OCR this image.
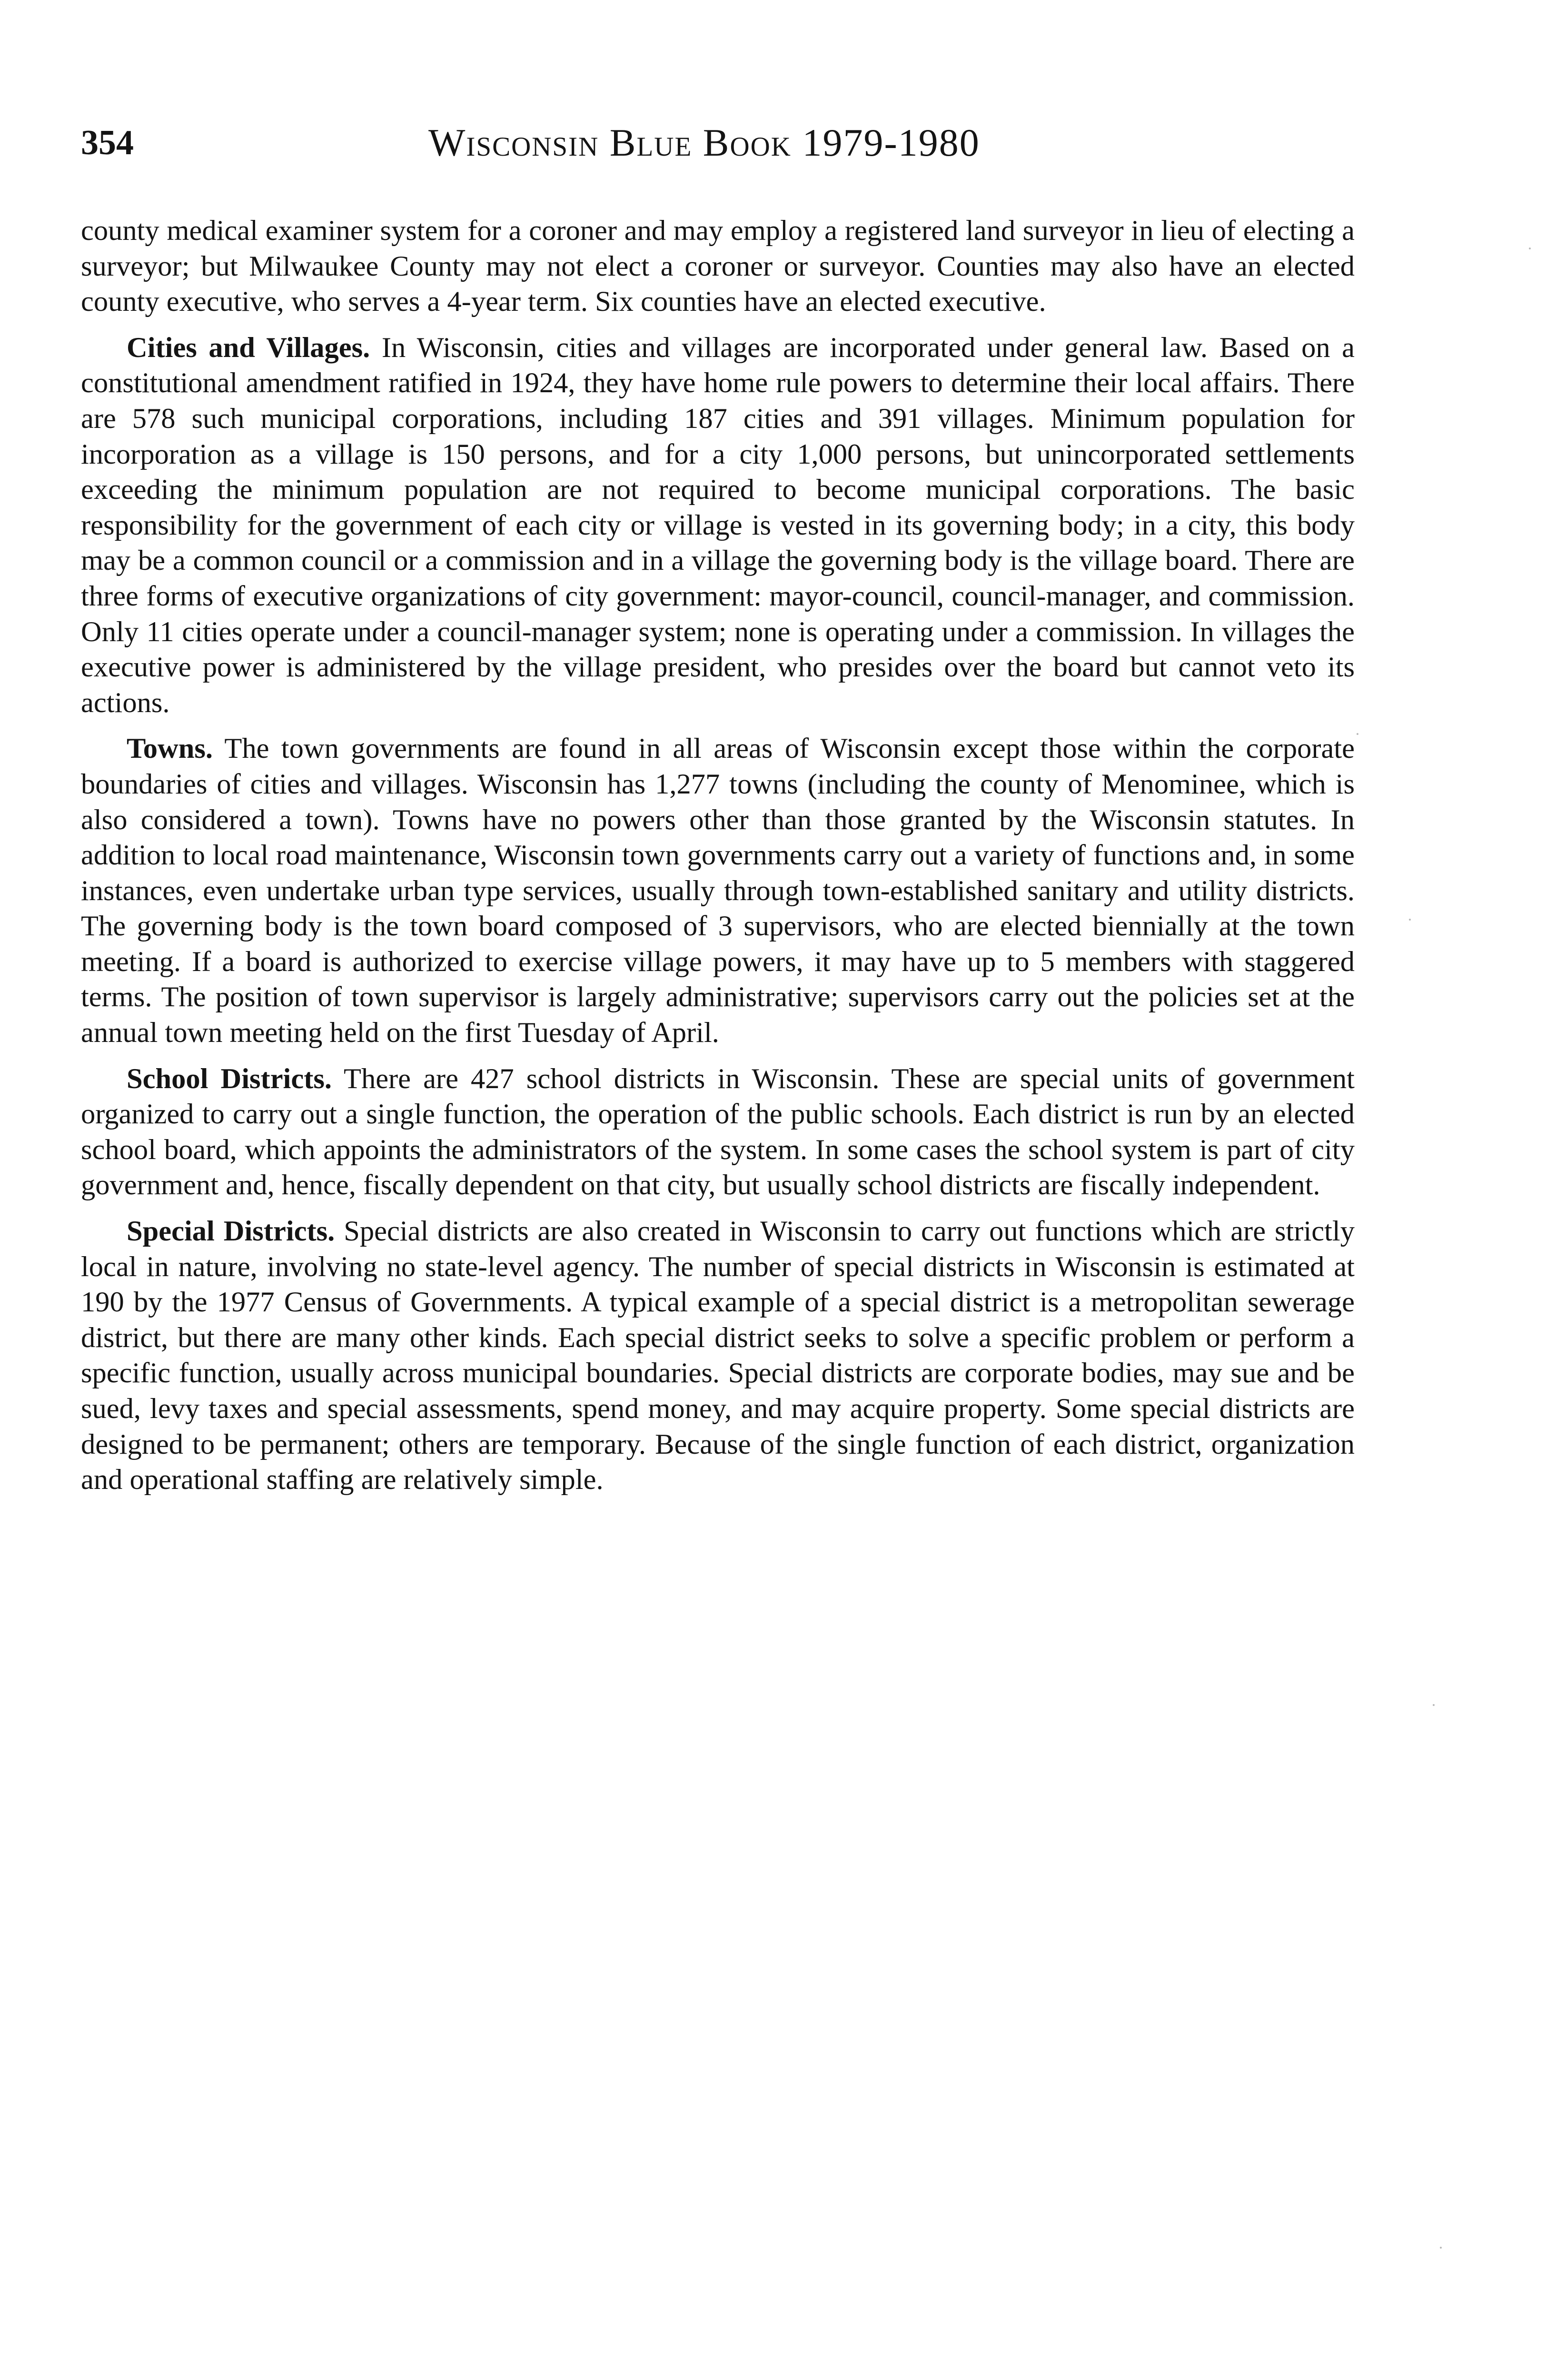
354	Wisconsin Blue Book 1979-1980

county medical examiner system for a coroner and may employ a registered land surveyor in lieu of electing a surveyor; but Milwaukee County may not elect a coroner or surveyor. Counties may also have an elected county executive, who serves a 4-year term. Six counties have an elected executive.

Cities and Villages. In Wisconsin, cities and villages are incorporated under general law. Based on a constitutional amendment ratified in 1924, they have home rule powers to determine their local affairs. There are 578 such municipal corporations, including 187 cities and 391 villages. Minimum population for incorporation as a village is 150 persons, and for a city 1,000 persons, but unincorporated settlements exceeding the minimum population are not required to become municipal corporations. The basic responsibility for the government of each city or village is vested in its governing body; in a city, this body may be a common council or a commission and in a village the governing body is the village board. There are three forms of executive organizations of city government: mayor-council, council-manager, and commission. Only 11 cities operate under a council-manager system; none is operating under a commission. In villages the executive power is administered by the village president, who presides over the board but cannot veto its actions.

Towns. The town governments are found in all areas of Wisconsin except those within the corporate boundaries of cities and villages. Wisconsin has 1,277 towns (including the county of Menominee, which is also considered a town). Towns have no powers other than those granted by the Wisconsin statutes. In addition to local road maintenance, Wisconsin town governments carry out a variety of functions and, in some instances, even undertake urban type services, usually through town-established sanitary and utility districts. The governing body is the town board composed of 3 supervisors, who are elected biennially at the town meeting. If a board is authorized to exercise village powers, it may have up to 5 members with staggered terms. The position of town supervisor is largely administrative; supervisors carry out the policies set at the annual town meeting held on the first Tuesday of April.

School Districts. There are 427 school districts in Wisconsin. These are special units of government organized to carry out a single function, the operation of the public schools. Each district is run by an elected school board, which appoints the administrators of the system. In some cases the school system is part of city government and, hence, fiscally dependent on that city, but usually school districts are fiscally independent.

Special Districts. Special districts are also created in Wisconsin to carry out functions which are strictly local in nature, involving no state-level agency. The number of special districts in Wisconsin is estimated at 190 by the 1977 Census of Governments. A typical example of a special district is a metropolitan sewerage district, but there are many other kinds. Each special district seeks to solve a specific problem or perform a specific function, usually across municipal boundaries. Special districts are corporate bodies, may sue and be sued, levy taxes and special assessments, spend money, and may acquire property. Some special districts are designed to be permanent; others are temporary. Because of the single function of each district, organization and operational staffing are relatively simple.
